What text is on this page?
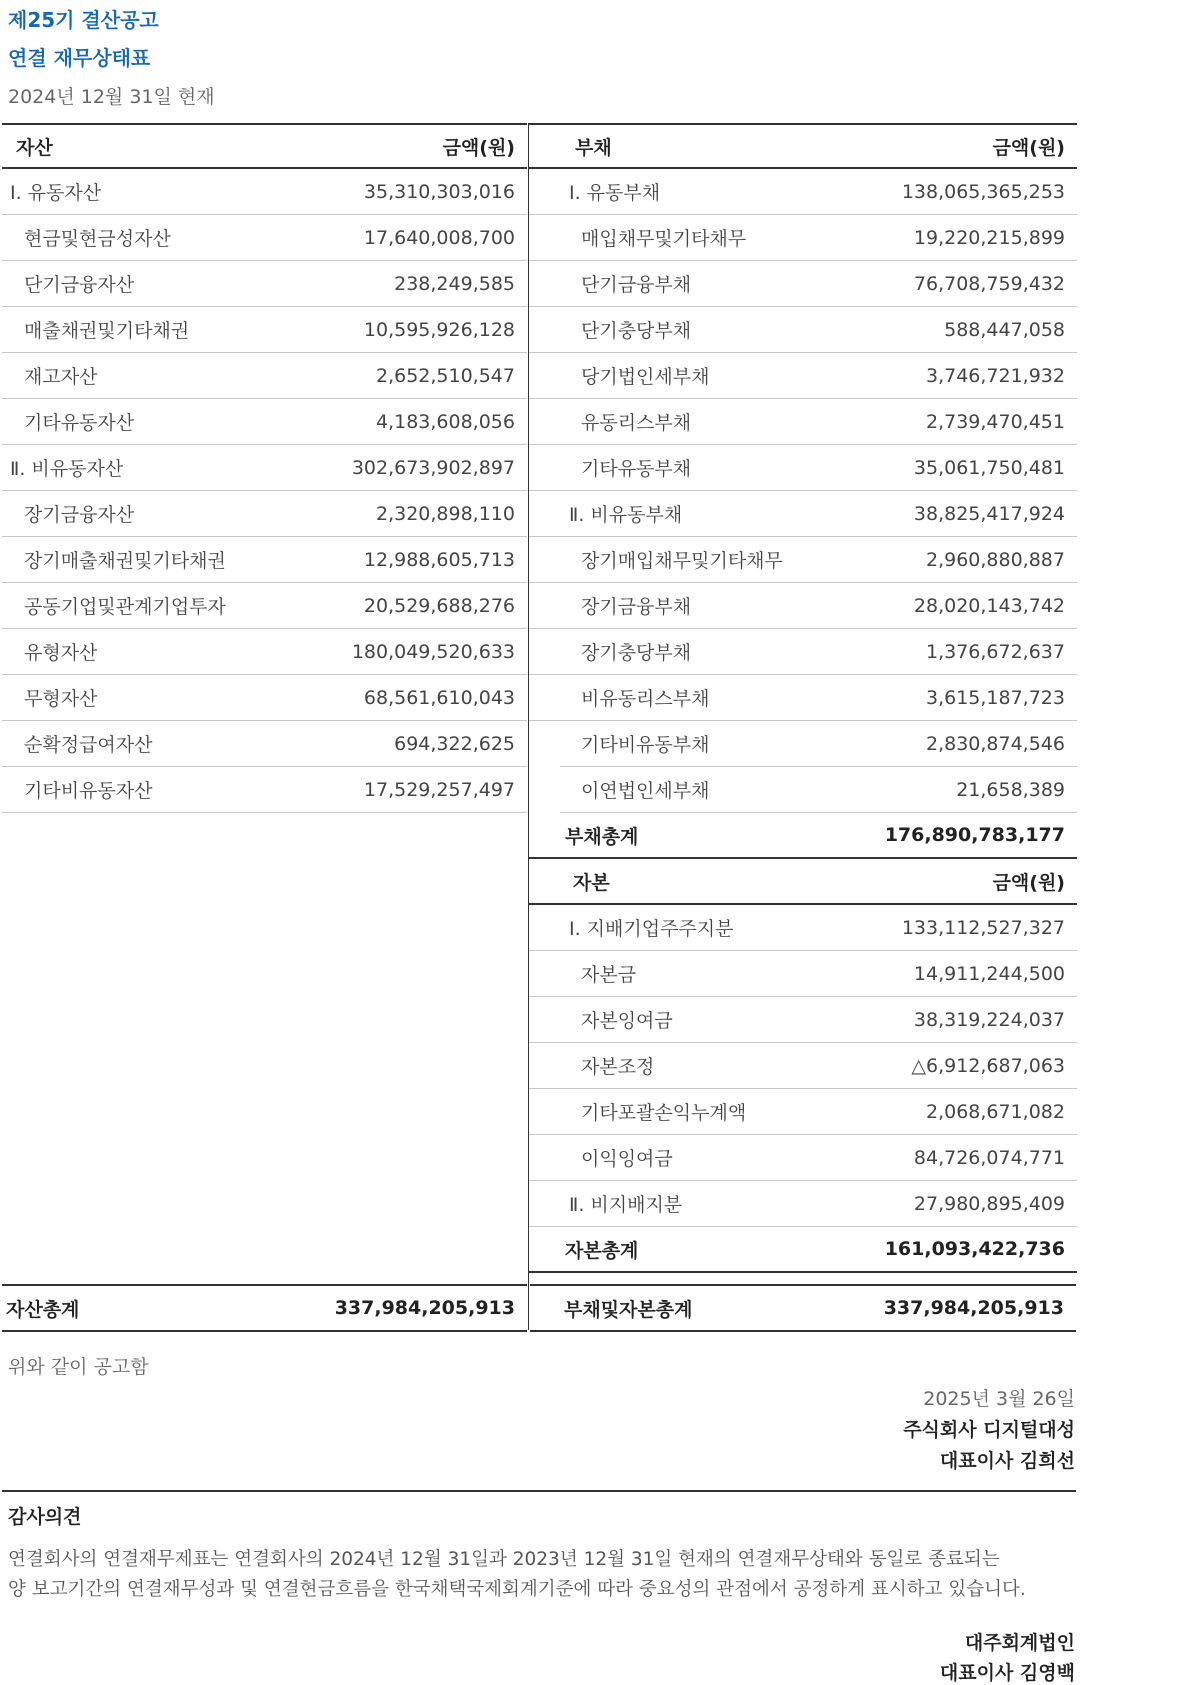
제25기 결산공고
연결 재무상태표
2024년 12월 31일 현재
자산	금액(원)
Ⅰ. 유동자산	35,310,303,016
현금및현금성자산	17,640,008,700
단기금융자산	238,249,585
매출채권및기타채권	10,595,926,128
재고자산	2,652,510,547
기타유동자산	4,183,608,056
Ⅱ. 비유동자산	302,673,902,897
장기금융자산	2,320,898,110
장기매출채권및기타채권	12,988,605,713
공동기업및관계기업투자	20,529,688,276
유형자산	180,049,520,633
무형자산	68,561,610,043
순확정급여자산	694,322,625
기타비유동자산	17,529,257,497
부채	금액(원)
Ⅰ. 유동부채	138,065,365,253
매입채무및기타채무	19,220,215,899
단기금융부채	76,708,759,432
단기충당부채	588,447,058
당기법인세부채	3,746,721,932
유동리스부채	2,739,470,451
기타유동부채	35,061,750,481
Ⅱ. 비유동부채	38,825,417,924
장기매입채무및기타채무	2,960,880,887
장기금융부채	28,020,143,742
장기충당부채	1,376,672,637
비유동리스부채	3,615,187,723
기타비유동부채	2,830,874,546
이연법인세부채	21,658,389
부채총계	176,890,783,177
자본	금액(원)
Ⅰ. 지배기업주주지분	133,112,527,327
자본금	14,911,244,500
자본잉여금	38,319,224,037
자본조정	△6,912,687,063
기타포괄손익누계액	2,068,671,082
이익잉여금	84,726,074,771
Ⅱ. 비지배지분	27,980,895,409
자본총계	161,093,422,736
자산총계	337,984,205,913	부채및자본총계	337,984,205,913
위와 같이 공고함
2025년 3월 26일
주식회사 디지털대성
대표이사 김희선
감사의견
연결회사의 연결재무제표는 연결회사의 2024년 12월 31일과 2023년 12월 31일 현재의 연결재무상태와 동일로 종료되는
양 보고기간의 연결재무성과 및 연결현금흐름을 한국채택국제회계기준에 따라 중요성의 관점에서 공정하게 표시하고 있습니다.
대주회계법인
대표이사 김영백
